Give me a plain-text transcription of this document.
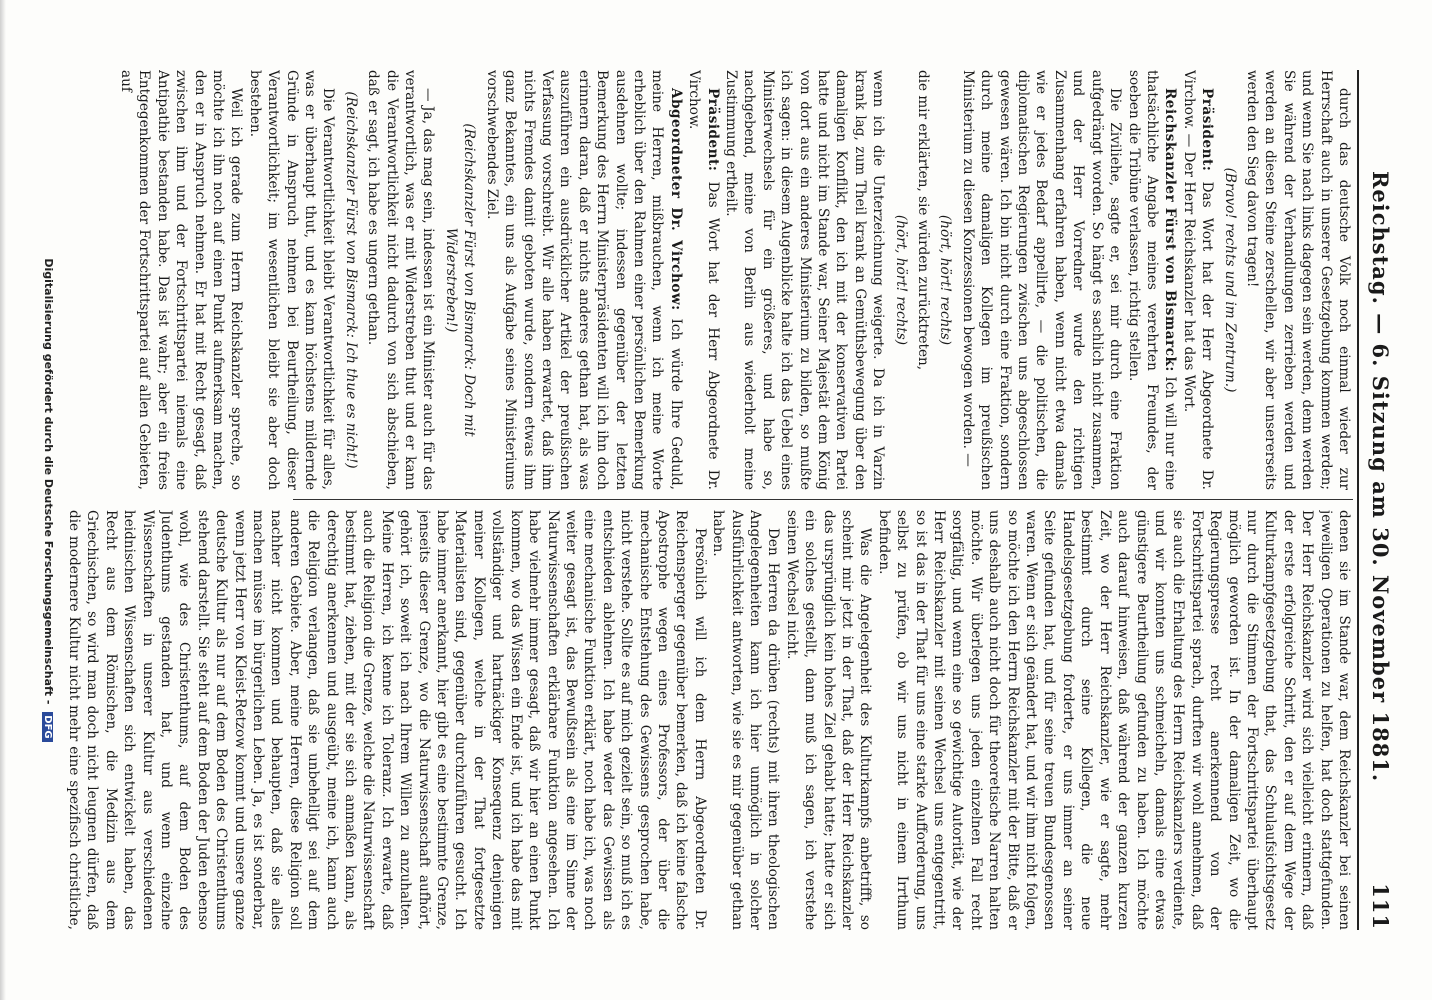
Reichstag. — 6. Sitzung am 30. November 1881.
111

durch das deutsche Volk noch einmal wieder zur Herrschaft auch in unserer Gesetzgebung kommen werden; und wenn Sie nach links dagegen sein werden, denn werden Sie während der Verhandlungen zerrieben werden und werden an diesen Steine zerschellen, wir aber unsererseits werden den Sieg davon tragen!

(Bravo! rechts und im Zentrum.)

Präsident: Das Wort hat der Herr Abgeordnete Dr. Virchow. — Der Herr Reichskanzler hat das Wort.

Reichskanzler Fürst von Bismarck: Ich will nur eine thatsächliche Angabe meines verehrten Freundes, der soeben die Tribüne verlassen, richtig stellen.

Die Ziviliehe, sagte er, sei mir durch eine Fraktion aufgedrängt worden. So hängt es sachlich nicht zusammen, und der Herr Vorredner wurde den richtigen Zusammenhang erfahren haben, wenn nicht etwa damals wie er jedes Bedarf appellirte, — die politischen, die diplomatischen Regierungen zwischen uns abgeschlossen gewesen wären. Ich bin nicht durch eine Fraktion, sondern durch meine damaligen Kollegen im preußischen Ministerium zu diesen Konzessionen bewogen worden. —

(hört, hört! rechts)

die mir erklärten, sie würden zurücktreten,

(hört, hört! rechts)

wenn ich die Unterzeichnung weigerte. Da ich in Varzin krank lag, zum Theil krank an Gemüthsbewegung über den damaligen Konflikt, den ich mit der konservativen Partei hatte und nicht im Stande war, Seiner Majestät dem König von dort aus ein anderes Ministerium zu bilden, so mußte ich sagen: in diesem Augenblicke halte ich das Uebel eines Ministerwechsels für ein größeres, und habe so, nachgebend, meine von Berlin aus wiederholt meine Zustimmung ertheilt.

Präsident: Das Wort hat der Herr Abgeordnete Dr. Virchow.

Abgeordneter Dr. Virchow: Ich würde Ihre Geduld, meine Herren, mißbrauchen, wenn ich meine Worte erheblich über den Rahmen einer persönlichen Bemerkung ausdehnen wollte; indessen gegenüber der letzten Bemerkung des Herrn Ministerpräsidenten will ich ihn doch erinnern daran, daß er nichts anderes gethan hat, als was auszuführen ein ausdrücklicher Artikel der preußischen Verfassung vorschreibt. Wir alle haben erwartet, daß ihm nichts Fremdes damit geboten wurde, sondern etwas ihm ganz Bekanntes, ein uns als Aufgabe seines Ministeriums vorschwebendes Ziel.

(Reichskanzler Fürst von Bismarck: Doch mit Widerstreben!)

— Ja, das mag sein, indessen ist ein Minister auch für das verantwortlich, was er mit Widerstreben thut und er kann die Verantwortlichkeit nicht dadurch von sich abschieben, daß er sagt, ich habe es ungern gethan.

(Reichskanzler Fürst von Bismarck: Ich thue es nicht!)

Die Verantwortlichkeit bleibt Verantwortlichkeit für alles, was er überhaupt thut, und es kann höchstens mildernde Gründe in Anspruch nehmen bei Beurtheilung, dieser Verantwortlichkeit; im wesentlichen bleibt sie aber doch bestehen.

Weil ich gerade zum Herrn Reichskanzler spreche, so möchte ich ihn noch auf einen Punkt aufmerksam machen, den er in Anspruch nehmen. Er hat mit Recht gesagt, daß zwischen ihm und der Fortschrittspartei niemals eine Antipathie bestanden habe. Das ist wahr; aber ein freies Entgegenkommen der Fortschrittspartei auf allen Gebieten, auf

denen sie im Stande war, dem Reichskanzler bei seinen jeweiligen Operationen zu helfen, hat doch stattgefunden. Der Herr Reichskanzler wird sich vielleicht erinnern, daß der erste erfolgreiche Schritt, den er auf dem Wege der Kulturkampfgesetzgebung that, das Schulaufsichtsgesetz nur durch die Stimmen der Fortschrittspartei überhaupt möglich geworden ist. In der damaligen Zeit, wo die Regierungspresse recht anerkennend von der Fortschrittspartei sprach, durften wir wohl annehmen, daß sie auch die Erhaltung des Herrn Reichskanzlers verdiente, und wir konnten uns schmeicheln, damals eine etwas günstigere Beurtheilung gefunden zu haben. Ich möchte auch darauf hinweisen, daß während der ganzen kurzen Zeit, wo der Herr Reichskanzler, wie er sagte, mehr bestimmt durch seine Kollegen, die neue Handelsgesetzgebung forderte, er uns immer an seiner Seite gefunden hat, und für seine treuen Bundesgenossen waren. Wenn er sich geändert hat, und wir ihm nicht folgen, so möchte ich den Herrn Reichskanzler mit der Bitte, daß er uns deshalb auch nicht doch für theoretische Narren halten möchte. Wir überlegen uns jeden einzelnen Fall recht sorgfältig, und wenn eine so gewichtige Autorität, wie der Herr Reichskanzler mit seinen Wechsel uns entgegentritt, so ist das in der That für uns eine starke Aufforderung, uns selbst zu prüfen, ob wir uns nicht in einem Irrthum befinden.

Was die Angelegenheit des Kulturkampfs anbetrifft, so scheint mir jetzt in der That, daß der Herr Reichskanzler das ursprünglich kein hohes Ziel gehabt hatte; hatte er sich ein solches gestellt, dann muß ich sagen, ich verstehe seinen Wechsel nicht.

Den Herren da drüben (rechts) mit ihren theologischen Angelegenheiten kann ich hier unmöglich in solcher Ausführlichkeit antworten, wie sie es mir gegenüber gethan haben.

Persönlich will ich dem Herrn Abgeordneten Dr. Reichensperger gegenüber bemerken, daß ich keine falsche Apostrophe wegen eines Professors, der über die mechanische Entstehung des Gewissens gesprochen habe, nicht verstehe. Sollte es auf mich gezielt sein, so muß ich es entschieden ablehnen. Ich habe weder das Gewissen als eine mechanische Funktion erklärt, noch habe ich, was noch weiter gesagt ist, das Bewußtsein als eine im Sinne der Naturwissenschaften erklärbare Funktion angesehen. Ich habe vielmehr immer gesagt, daß wir hier an einen Punkt kommen, wo das Wissen ein Ende ist, und ich habe das mit vollständiger und hartnäckiger Konsequenz denjenigen meiner Kollegen, welche in der That fortgesetzte Materialisten sind, gegenüber durchzuführen gesucht. Ich habe immer anerkannt, hier gibt es eine bestimmte Grenze, jenseits dieser Grenze, wo die Naturwissenschaft aufhört, gehört ich, soweit ich nach Ihrem Willen zu anzuhalten. Meine Herren, ich kenne ich Toleranz. Ich erwarte, daß auch die Religion die Grenze, welche die Naturwissenschaft bestimmt hat, ziehen, mit der sie sich anmaßen kann, als derechtig anerkennen und ausgeübt, meine ich, kann auch die Religion verlangen, daß sie unbehelligt sei auf dem anderen Gebiete. Aber, meine Herren, diese Religion soll nachher nicht kommen und behaupten, daß sie alles machen müsse im bürgerlichen Leben. Ja, es ist sonderbar, wenn jetzt Herr von Kleist-Retzow kommt und unsere ganze deutsche Kultur als nur auf dem Boden des Christenthums stehend darstellt. Sie steht auf dem Boden der Juden ebenso wohl, wie des Christenthums, auf dem Boden des Judenthums gestanden hat, und wenn einzelne Wissenschaften in unserer Kultur aus verschiedenen heidnischen Wissenschaften sich entwickelt haben, das Recht aus dem Römischen, die Medizin aus dem Griechischen, so wird man doch nicht leugnen dürfen, daß die modernere Kultur nicht mehr eine spezifisch christliche,

Digitalisierung gefördert durch die Deutsche Forschungsgemeinschaft - DFG
